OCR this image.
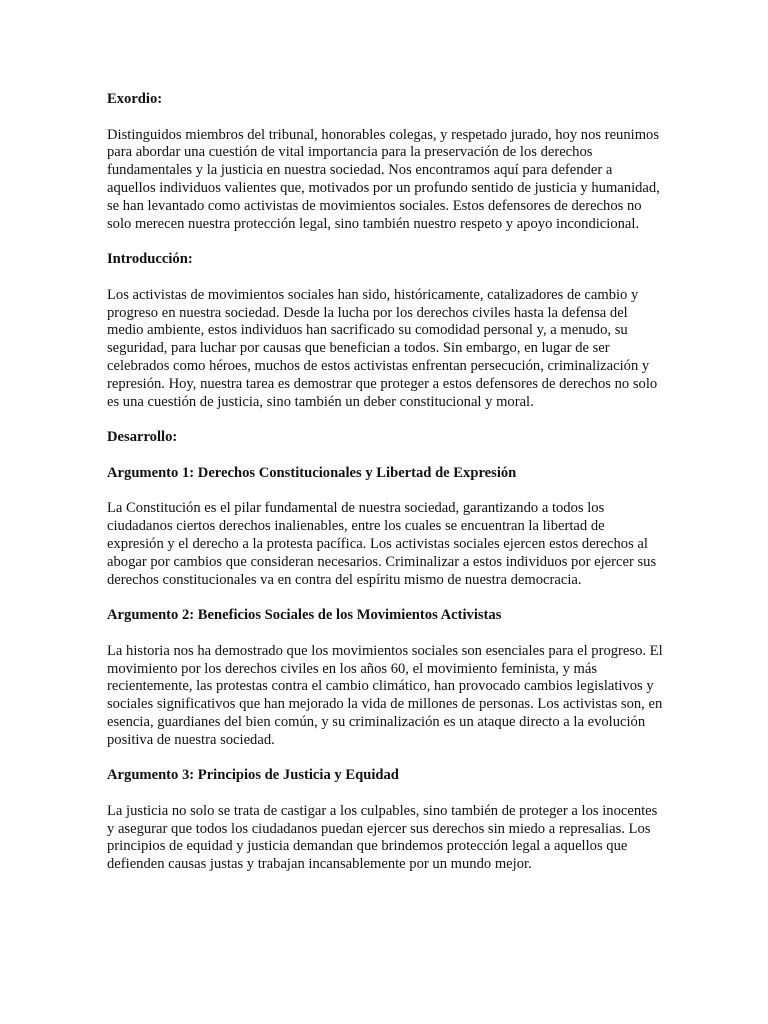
Exordio:

Distinguidos miembros del tribunal, honorables colegas, y respetado jurado, hoy nos reunimos para abordar una cuestión de vital importancia para la preservación de los derechos fundamentales y la justicia en nuestra sociedad. Nos encontramos aquí para defender a aquellos individuos valientes que, motivados por un profundo sentido de justicia y humanidad, se han levantado como activistas de movimientos sociales. Estos defensores de derechos no solo merecen nuestra protección legal, sino también nuestro respeto y apoyo incondicional.

Introducción:

Los activistas de movimientos sociales han sido, históricamente, catalizadores de cambio y progreso en nuestra sociedad. Desde la lucha por los derechos civiles hasta la defensa del medio ambiente, estos individuos han sacrificado su comodidad personal y, a menudo, su seguridad, para luchar por causas que benefician a todos. Sin embargo, en lugar de ser celebrados como héroes, muchos de estos activistas enfrentan persecución, criminalización y represión. Hoy, nuestra tarea es demostrar que proteger a estos defensores de derechos no solo es una cuestión de justicia, sino también un deber constitucional y moral.

Desarrollo:

Argumento 1: Derechos Constitucionales y Libertad de Expresión

La Constitución es el pilar fundamental de nuestra sociedad, garantizando a todos los ciudadanos ciertos derechos inalienables, entre los cuales se encuentran la libertad de expresión y el derecho a la protesta pacífica. Los activistas sociales ejercen estos derechos al abogar por cambios que consideran necesarios. Criminalizar a estos individuos por ejercer sus derechos constitucionales va en contra del espíritu mismo de nuestra democracia.

Argumento 2: Beneficios Sociales de los Movimientos Activistas

La historia nos ha demostrado que los movimientos sociales son esenciales para el progreso. El movimiento por los derechos civiles en los años 60, el movimiento feminista, y más recientemente, las protestas contra el cambio climático, han provocado cambios legislativos y sociales significativos que han mejorado la vida de millones de personas. Los activistas son, en esencia, guardianes del bien común, y su criminalización es un ataque directo a la evolución positiva de nuestra sociedad.

Argumento 3: Principios de Justicia y Equidad

La justicia no solo se trata de castigar a los culpables, sino también de proteger a los inocentes y asegurar que todos los ciudadanos puedan ejercer sus derechos sin miedo a represalias. Los principios de equidad y justicia demandan que brindemos protección legal a aquellos que defienden causas justas y trabajan incansablemente por un mundo mejor.
